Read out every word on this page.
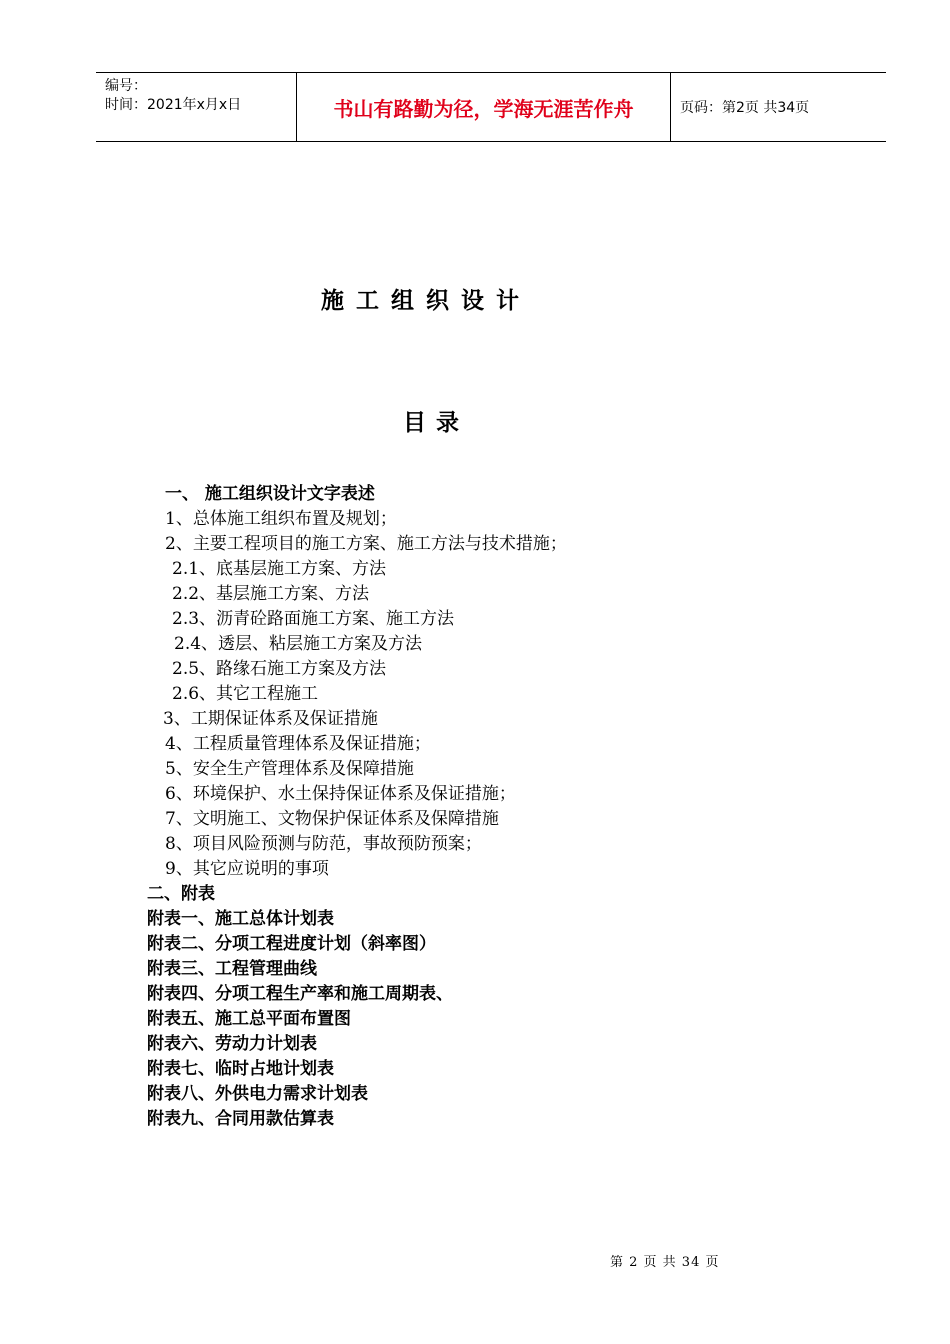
编号：
时间：2021年x月x日	书山有路勤为径，学海无涯苦作舟	页码：第2页 共34页
施工组织设计
目录
一、 施工组织设计文字表述
1、总体施工组织布置及规划；
2、主要工程项目的施工方案、施工方法与技术措施；
2.1、底基层施工方案、方法
2.2、基层施工方案、方法
2.3、沥青砼路面施工方案、施工方法
2.4、透层、粘层施工方案及方法
2.5、路缘石施工方案及方法
2.6、其它工程施工
3、工期保证体系及保证措施
4、工程质量管理体系及保证措施；
5、安全生产管理体系及保障措施
6、环境保护、水土保持保证体系及保证措施；
7、文明施工、文物保护保证体系及保障措施
8、项目风险预测与防范，事故预防预案；
9、其它应说明的事项
二、附表
附表一、施工总体计划表
附表二、分项工程进度计划（斜率图）
附表三、工程管理曲线
附表四、分项工程生产率和施工周期表、
附表五、施工总平面布置图
附表六、劳动力计划表
附表七、临时占地计划表
附表八、外供电力需求计划表
附表九、合同用款估算表
第 2 页 共 34 页
